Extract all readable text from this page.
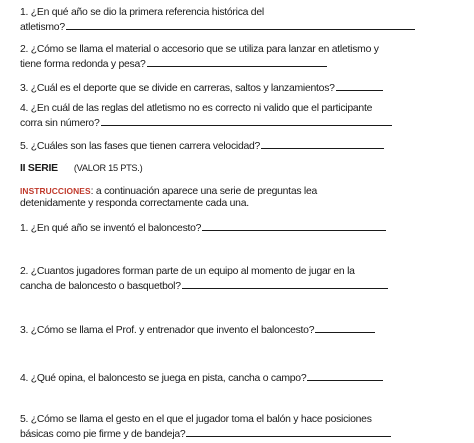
1. ¿En qué año se dio la primera referencia histórica del
atletismo?
2. ¿Cómo se llama el material o accesorio que se utiliza para lanzar en atletismo y
tiene forma redonda y pesa?
3. ¿Cuál es el deporte que se divide en carreras, saltos y lanzamientos?
4. ¿En cuál de las reglas del atletismo no es correcto ni valido que el participante
corra sin número?
5. ¿Cuáles son las fases que tienen carrera velocidad?
II SERIE (VALOR 15 PTS.)
INSTRUCCIONES: a continuación aparece una serie de preguntas lea
detenidamente y responda correctamente cada una.
1. ¿En qué año se inventó el baloncesto?
2. ¿Cuantos jugadores forman parte de un equipo al momento de jugar en la
cancha de baloncesto o basquetbol?
3. ¿Cómo se llama el Prof. y entrenador que invento el baloncesto?
4. ¿Qué opina, el baloncesto se juega en pista, cancha o campo?
5. ¿Cómo se llama el gesto en el que el jugador toma el balón y hace posiciones
básicas como pie firme y de bandeja?
